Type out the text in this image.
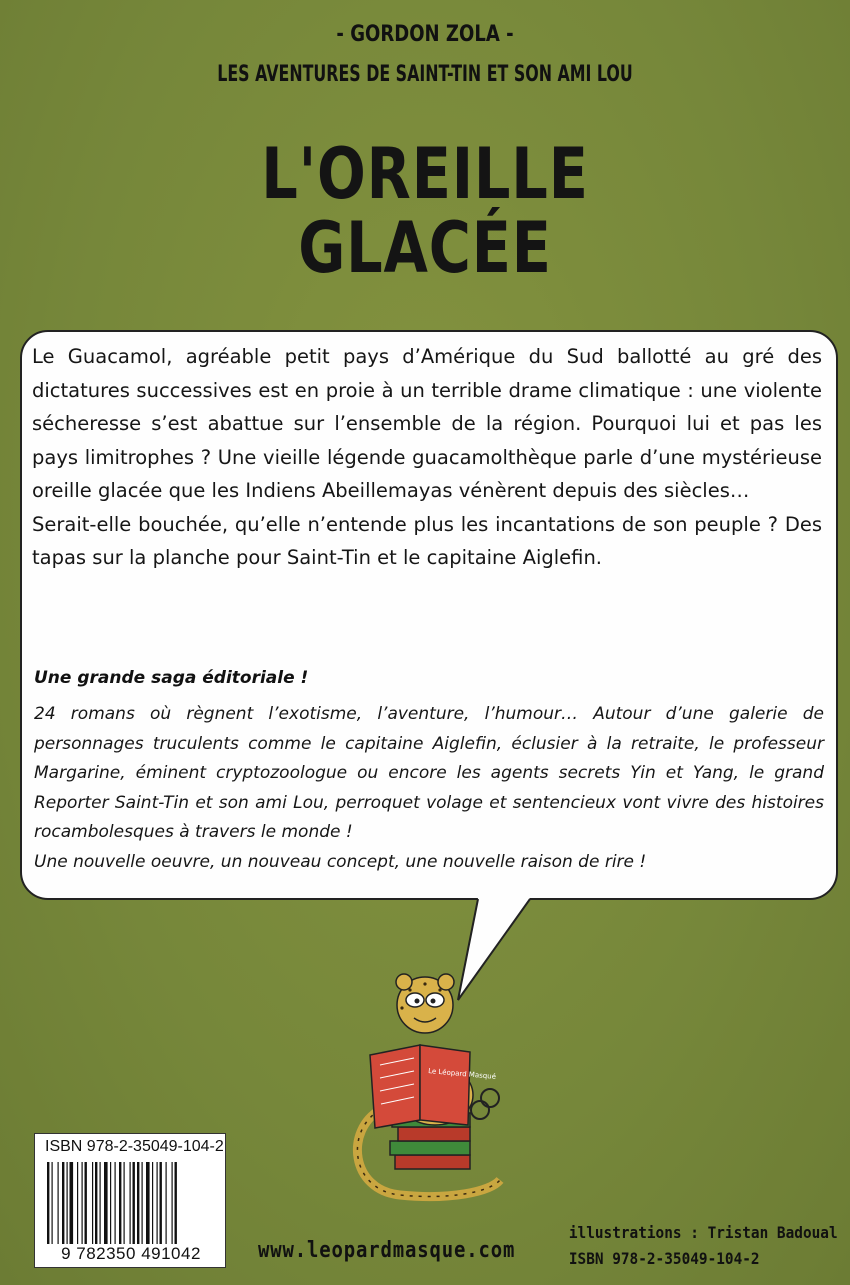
- GORDON ZOLA -
LES AVENTURES DE SAINT-TIN ET SON AMI LOU
L'OREILLE
GLACÉE

Le Guacamol, agréable petit pays d’Amérique du Sud ballotté au gré des dictatures successives est en proie à un terrible drame climatique : une violente sécheresse s’est abattue sur l’ensemble de la région. Pourquoi lui et pas les pays limitrophes ? Une vieille légende guacamolthèque parle d’une mystérieuse oreille glacée que les Indiens Abeillemayas vénèrent depuis des siècles…

Serait-elle bouchée, qu’elle n’entende plus les incantations de son peuple ? Des tapas sur la planche pour Saint-Tin et le capitaine Aiglefin.

Une grande saga éditoriale !

24 romans où règnent l’exotisme, l’aventure, l’humour… Autour d’une galerie de personnages truculents comme le capitaine Aiglefin, éclusier à la retraite, le professeur Margarine, éminent cryptozoologue ou encore les agents secrets Yin et Yang, le grand Reporter Saint-Tin et son ami Lou, perroquet volage et sentencieux vont vivre des histoires rocambolesques à travers le monde !

Une nouvelle oeuvre, un nouveau concept, une nouvelle raison de rire !

Le Léopard Masqué
ISBN 978-2-35049-104-2
9 782350 491042	www.leopardmasque.com
illustrations : Tristan Badoual
ISBN 978-2-35049-104-2
